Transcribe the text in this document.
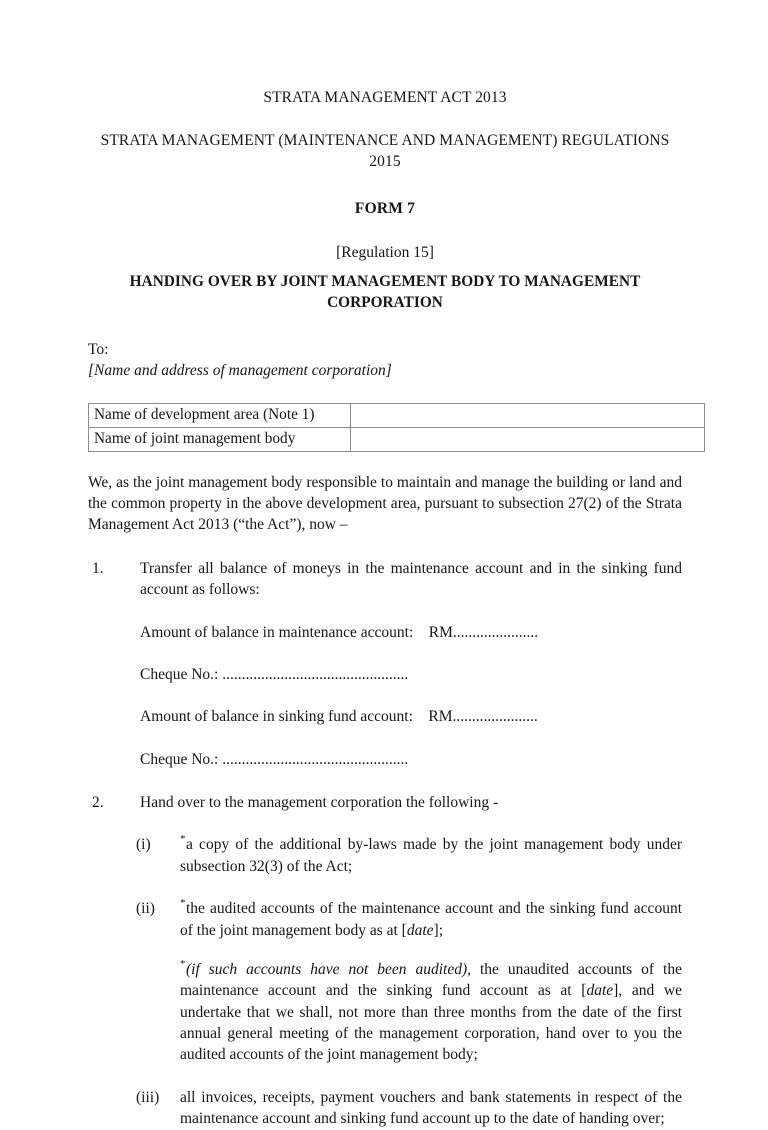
STRATA MANAGEMENT ACT 2013
STRATA MANAGEMENT (MAINTENANCE AND MANAGEMENT) REGULATIONS 2015
FORM 7
[Regulation 15]
HANDING OVER BY JOINT MANAGEMENT BODY TO MANAGEMENT CORPORATION
To:
[Name and address of management corporation]
Name of development area (Note 1)	
Name of joint management body	
We, as the joint management body responsible to maintain and manage the building or land and the common property in the above development area, pursuant to subsection 27(2) of the Strata Management Act 2013 (“the Act”), now –
1.	Transfer all balance of moneys in the maintenance account and in the sinking fund account as follows:
Amount of balance in maintenance account: RM......................
Cheque No.: ................................................
Amount of balance in sinking fund account: RM......................
Cheque No.: ................................................
2.	Hand over to the management corporation the following -
(i)	*a copy of the additional by-laws made by the joint management body under subsection 32(3) of the Act;
(ii)	*the audited accounts of the maintenance account and the sinking fund account of the joint management body as at [date];
*(if such accounts have not been audited), the unaudited accounts of the maintenance account and the sinking fund account as at [date], and we undertake that we shall, not more than three months from the date of the first annual general meeting of the management corporation, hand over to you the audited accounts of the joint management body;
(iii)	all invoices, receipts, payment vouchers and bank statements in respect of the maintenance account and sinking fund account up to the date of handing over;
